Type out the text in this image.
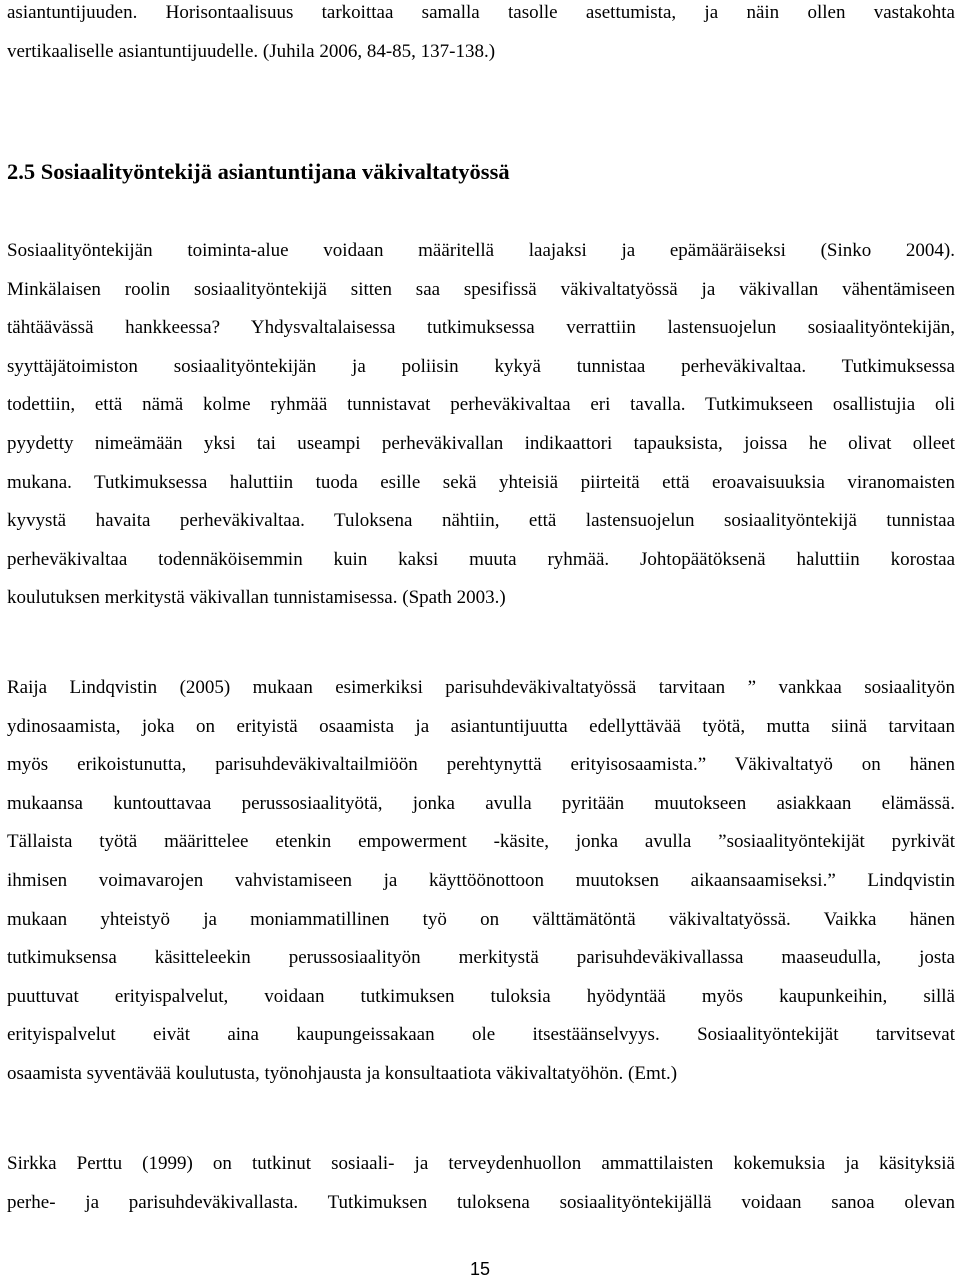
asiantuntijuuden. Horisontaalisuus tarkoittaa samalla tasolle asettumista, ja näin ollen vastakohta
vertikaaliselle asiantuntijuudelle. (Juhila 2006, 84-85, 137-138.)
2.5 Sosiaalityöntekijä asiantuntijana väkivaltatyössä
Sosiaalityöntekijän toiminta-alue voidaan määritellä laajaksi ja epämääräiseksi (Sinko 2004).
Minkälaisen roolin sosiaalityöntekijä sitten saa spesifissä väkivaltatyössä ja väkivallan vähentämiseen
tähtäävässä hankkeessa? Yhdysvaltalaisessa tutkimuksessa verrattiin lastensuojelun sosiaalityöntekijän,
syyttäjätoimiston sosiaalityöntekijän ja poliisin kykyä tunnistaa perheväkivaltaa. Tutkimuksessa
todettiin, että nämä kolme ryhmää tunnistavat perheväkivaltaa eri tavalla. Tutkimukseen osallistujia oli
pyydetty nimeämään yksi tai useampi perheväkivallan indikaattori tapauksista, joissa he olivat olleet
mukana. Tutkimuksessa haluttiin tuoda esille sekä yhteisiä piirteitä että eroavaisuuksia viranomaisten
kyvystä havaita perheväkivaltaa. Tuloksena nähtiin, että lastensuojelun sosiaalityöntekijä tunnistaa
perheväkivaltaa todennäköisemmin kuin kaksi muuta ryhmää. Johtopäätöksenä haluttiin korostaa
koulutuksen merkitystä väkivallan tunnistamisessa. (Spath 2003.)
Raija Lindqvistin (2005) mukaan esimerkiksi parisuhdeväkivaltatyössä tarvitaan ” vankkaa sosiaalityön
ydinosaamista, joka on erityistä osaamista ja asiantuntijuutta edellyttävää työtä, mutta siinä tarvitaan
myös erikoistunutta, parisuhdeväkivaltailmiöön perehtynyttä erityisosaamista.” Väkivaltatyö on hänen
mukaansa kuntouttavaa perussosiaalityötä, jonka avulla pyritään muutokseen asiakkaan elämässä.
Tällaista työtä määrittelee etenkin empowerment -käsite, jonka avulla ”sosiaalityöntekijät pyrkivät
ihmisen voimavarojen vahvistamiseen ja käyttöönottoon muutoksen aikaansaamiseksi.” Lindqvistin
mukaan yhteistyö ja moniammatillinen työ on välttämätöntä väkivaltatyössä. Vaikka hänen
tutkimuksensa käsitteleekin perussosiaalityön merkitystä parisuhdeväkivallassa maaseudulla, josta
puuttuvat erityispalvelut, voidaan tutkimuksen tuloksia hyödyntää myös kaupunkeihin, sillä
erityispalvelut eivät aina kaupungeissakaan ole itsestäänselvyys. Sosiaalityöntekijät tarvitsevat
osaamista syventävää koulutusta, työnohjausta ja konsultaatiota väkivaltatyöhön. (Emt.)
Sirkka Perttu (1999) on tutkinut sosiaali- ja terveydenhuollon ammattilaisten kokemuksia ja käsityksiä
perhe- ja parisuhdeväkivallasta. Tutkimuksen tuloksena sosiaalityöntekijällä voidaan sanoa olevan
15
